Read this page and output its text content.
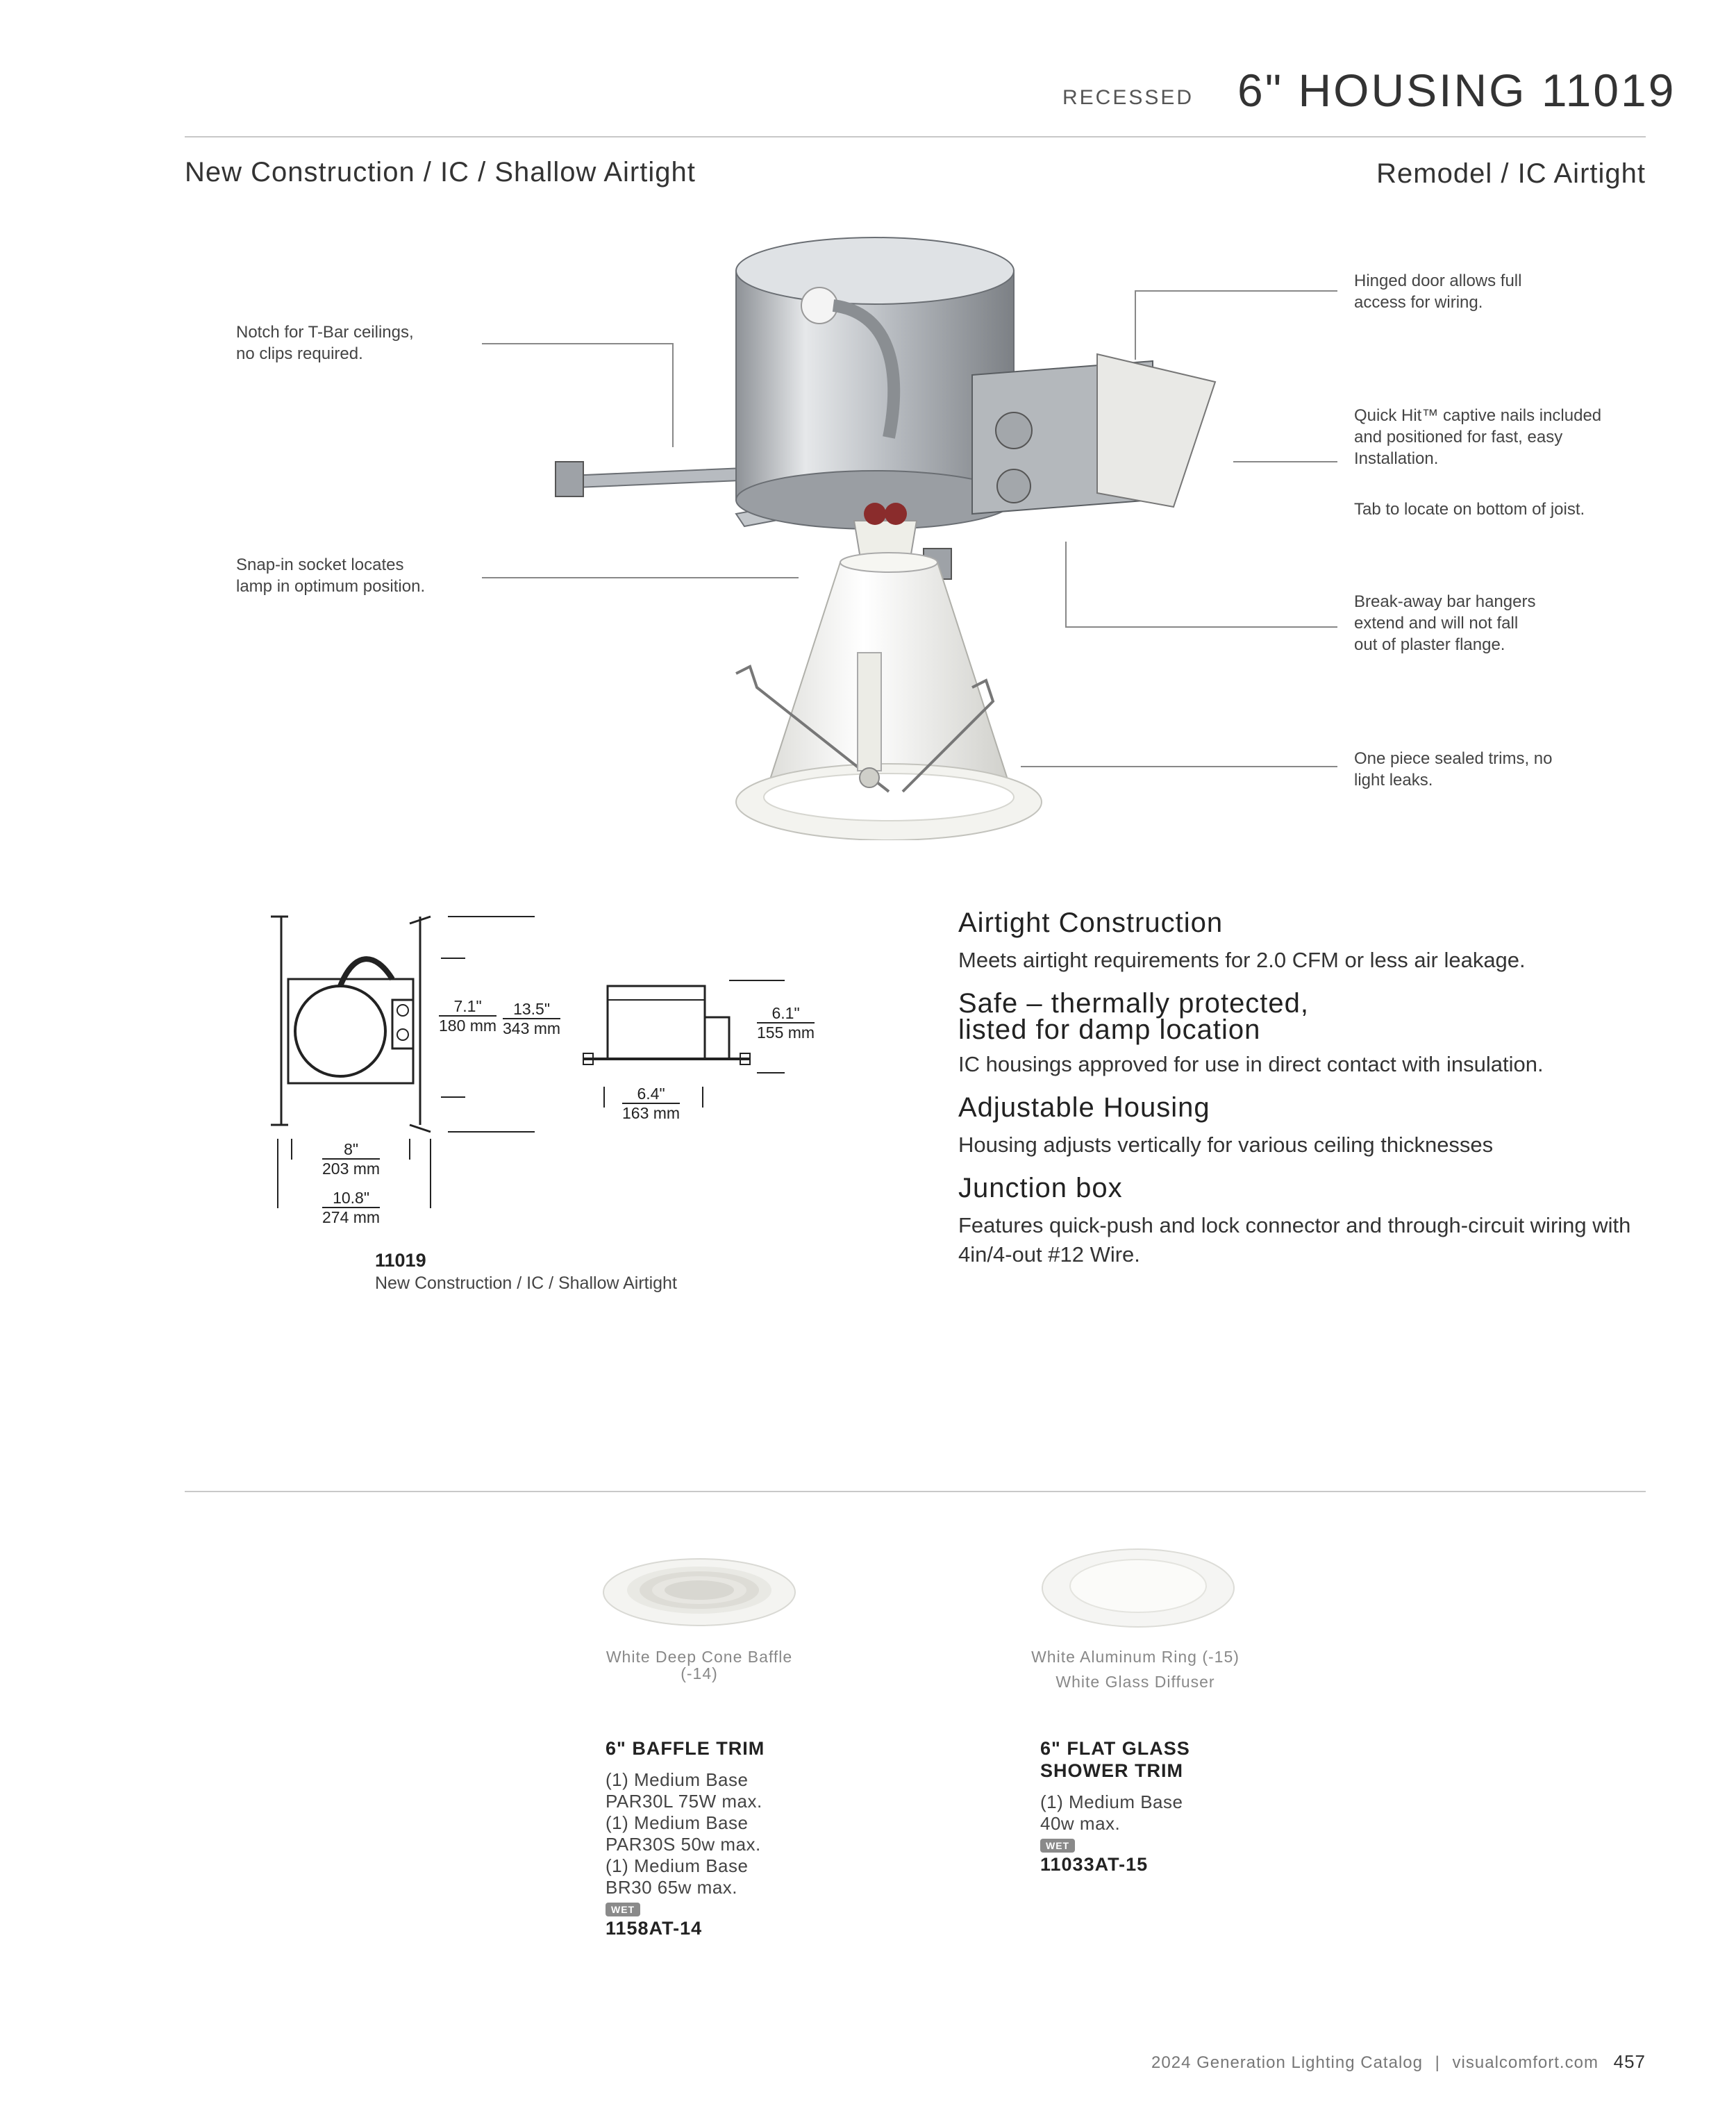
RECESSED 6" HOUSING 11019
New Construction / IC / Shallow Airtight	Remodel / IC Airtight
Notch for T-Bar ceilings,
no clips required.
Snap-in socket locates
lamp in optimum position.
Hinged door allows full
access for wiring.
Quick Hit™ captive nails included
and positioned for fast, easy
Installation.
Tab to locate on bottom of joist.
Break-away bar hangers
extend and will not fall
out of plaster flange.
One piece sealed trims, no
light leaks.
7.1"
180 mm
13.5"
343 mm
6.1"
155 mm
6.4"
163 mm
8"
203 mm
10.8"
274 mm
11019
New Construction / IC / Shallow Airtight
Airtight Construction
Meets airtight requirements for 2.0 CFM or less air leakage.
Safe – thermally protected,
listed for damp location
IC housings approved for use in direct contact with insulation.
Adjustable Housing
Housing adjusts vertically for various ceiling thicknesses
Junction box
Features quick-push and lock connector and through-circuit wiring with 4in/4-out #12 Wire.
White Deep Cone Baffle
(-14)
6" BAFFLE TRIM
(1) Medium Base
PAR30L 75W max.
(1) Medium Base
PAR30S 50w max.
(1) Medium Base
BR30 65w max.
WET
1158AT-14
White Aluminum Ring (-15)
White Glass Diffuser
6" FLAT GLASS
SHOWER TRIM
(1) Medium Base
40w max.
WET
11033AT-15
2024 Generation Lighting Catalog | visualcomfort.com 457
